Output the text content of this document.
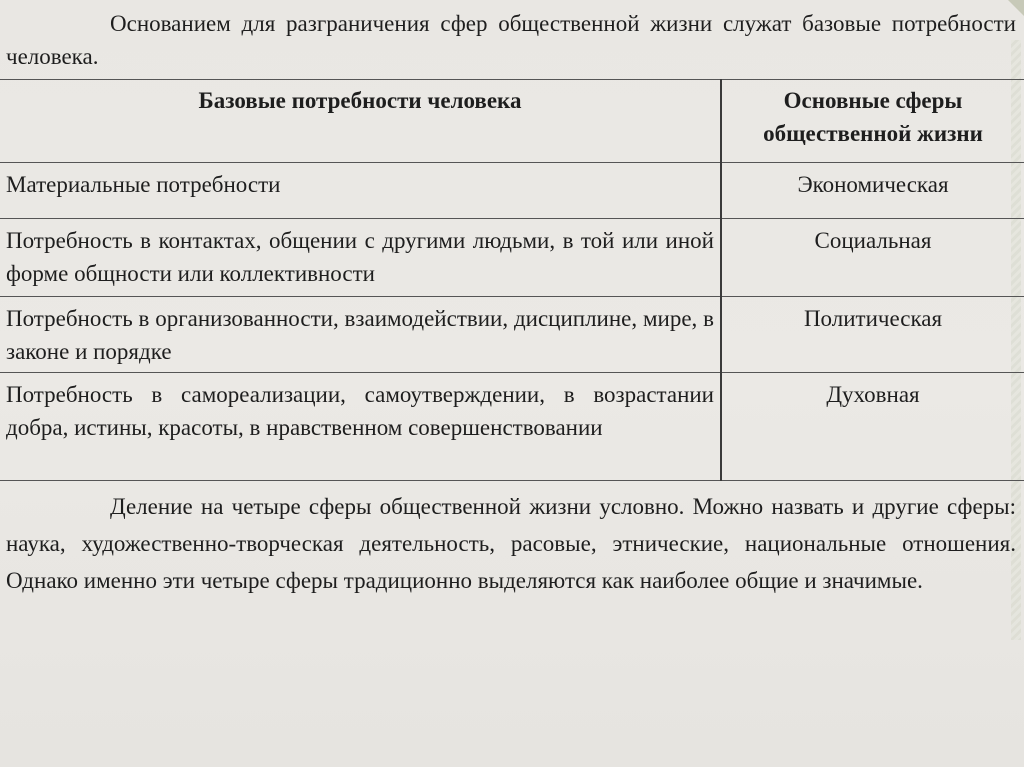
Основанием для разграничения сфер общественной жизни служат базовые потребности человека.

Базовые потребности человека	Основные сферы общественной жизни
Материальные потребности	Экономическая
Потребность в контактах, общении с другими людьми, в той или иной форме общности или коллективности	Социальная
Потребность в организованности, взаимодействии, дисциплине, мире, в законе и порядке	Политическая
Потребность в самореализации, самоутверждении, в возрастании добра, истины, красоты, в нравственном совершенствовании	Духовная

Деление на четыре сферы общественной жизни условно. Можно назвать и другие сферы: наука, художественно-творческая деятельность, расовые, этнические, национальные отношения. Однако именно эти четыре сферы традиционно выделяются как наиболее общие и значимые.
